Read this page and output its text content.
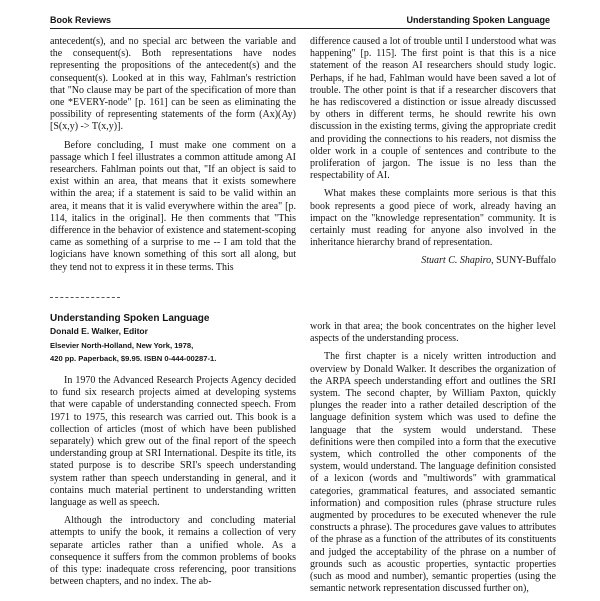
Book Reviews	Understanding Spoken Language

antecedent(s), and no special arc between the variable and the consequent(s). Both representations have nodes representing the propositions of the antecedent(s) and the consequent(s). Looked at in this way, Fahlman's restriction that "No clause may be part of the specification of more than one *EVERY-node" [p. 161] can be seen as eliminating the possibility of representing statements of the form (Ax)(Ay)[S(x,y) -> T(x,y)].

Before concluding, I must make one comment on a passage which I feel illustrates a common attitude among AI researchers. Fahlman points out that, "If an object is said to exist within an area, that means that it exists somewhere within the area; if a statement is said to be valid within an area, it means that it is valid everywhere within the area" [p. 114, italics in the original]. He then comments that "This difference in the behavior of existence and statement-scoping came as something of a surprise to me -- I am told that the logicians have known something of this sort all along, but they tend not to express it in these terms. This

difference caused a lot of trouble until I understood what was happening" [p. 115]. The first point is that this is a nice statement of the reason AI researchers should study logic. Perhaps, if he had, Fahlman would have been saved a lot of trouble. The other point is that if a researcher discovers that he has rediscovered a distinction or issue already discussed by others in different terms, he should rewrite his own discussion in the existing terms, giving the appropriate credit and providing the connections to his readers, not dismiss the older work in a couple of sentences and contribute to the proliferation of jargon. The issue is no less than the respectability of AI.

What makes these complaints more serious is that this book represents a good piece of work, already having an impact on the "knowledge representation" community. It is certainly must reading for anyone also involved in the inheritance hierarchy brand of representation.

Stuart C. Shapiro, SUNY-Buffalo

Understanding Spoken Language

Donald E. Walker, Editor

Elsevier North-Holland, New York, 1978,

420 pp. Paperback, $9.95. ISBN 0-444-00287-1.

In 1970 the Advanced Research Projects Agency decided to fund six research projects aimed at developing systems that were capable of understanding connected speech. From 1971 to 1975, this research was carried out. This book is a collection of articles (most of which have been published separately) which grew out of the final report of the speech understanding group at SRI International. Despite its title, its stated purpose is to describe SRI's speech understanding system rather than speech understanding in general, and it contains much material pertinent to understanding written language as well as speech.

Although the introductory and concluding material attempts to unify the book, it remains a collection of very separate articles rather than a unified whole. As a consequence it suffers from the common problems of books of this type: inadequate cross referencing, poor transitions between chapters, and no index. The ab-

work in that area; the book concentrates on the higher level aspects of the understanding process.

The first chapter is a nicely written introduction and overview by Donald Walker. It describes the organization of the ARPA speech understanding effort and outlines the SRI system. The second chapter, by William Paxton, quickly plunges the reader into a rather detailed description of the language definition system which was used to define the language that the system would understand. These definitions were then compiled into a form that the executive system, which controlled the other components of the system, would understand. The language definition consisted of a lexicon (words and "multiwords" with grammatical categories, grammatical features, and associated semantic information) and composition rules (phrase structure rules augmented by procedures to be executed whenever the rule constructs a phrase). The procedures gave values to attributes of the phrase as a function of the attributes of its constituents and judged the acceptability of the phrase on a number of grounds such as acoustic properties, syntactic properties (such as mood and number), semantic properties (using the semantic network representation discussed further on),
